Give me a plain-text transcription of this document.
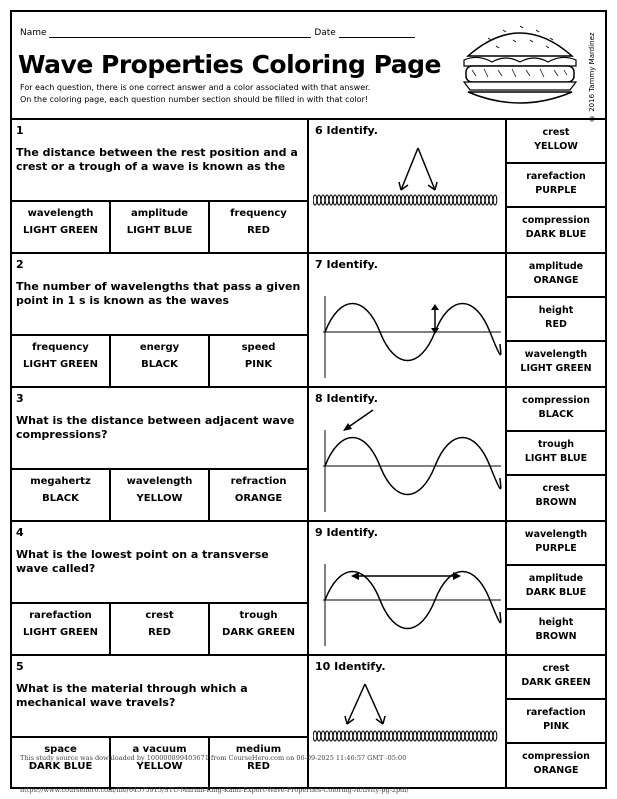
Name	Date
Wave Properties Coloring Page
For each question, there is one correct answer and a color associated with that answer.
On the coloring page, each question number section should be filled in with that color!	© 2016 Tammy Mardinez
1
The distance between the rest position and a crest or a trough of a wave is known as the
wavelength
LIGHT GREEN
amplitude
LIGHT BLUE
frequency
RED
6 Identify.	crest
YELLOW
rarefaction
PURPLE
compression
DARK BLUE
2
The number of wavelengths that pass a given point in 1 s is known as the waves
frequency
LIGHT GREEN
energy
BLACK
speed
PINK
7 Identify.	amplitude
ORANGE
height
RED
wavelength
LIGHT GREEN
3
What is the distance between adjacent wave compressions?
megahertz
BLACK
wavelength
YELLOW
refraction
ORANGE
8 Identify.	compression
BLACK
trough
LIGHT BLUE
crest
BROWN
4
What is the lowest point on a transverse wave called?
rarefaction
LIGHT GREEN
crest
RED
trough
DARK GREEN
9 Identify.	wavelength
PURPLE
amplitude
DARK BLUE
height
BROWN
5
What is the material through which a mechanical wave travels?
space
DARK BLUE
a vacuum
YELLOW
medium
RED
10 Identify.	crest
DARK GREEN
rarefaction
PINK
compression
ORANGE
This study source was downloaded by 100000899403671 from CourseHero.com on 06-09-2025 11:46:57 GMT -05:00
https://www.coursehero.com/file/64575915/STU-Mariah-King-Kami-Export-Wave-Properties-Coloring-Activity-pg-2pdf/
